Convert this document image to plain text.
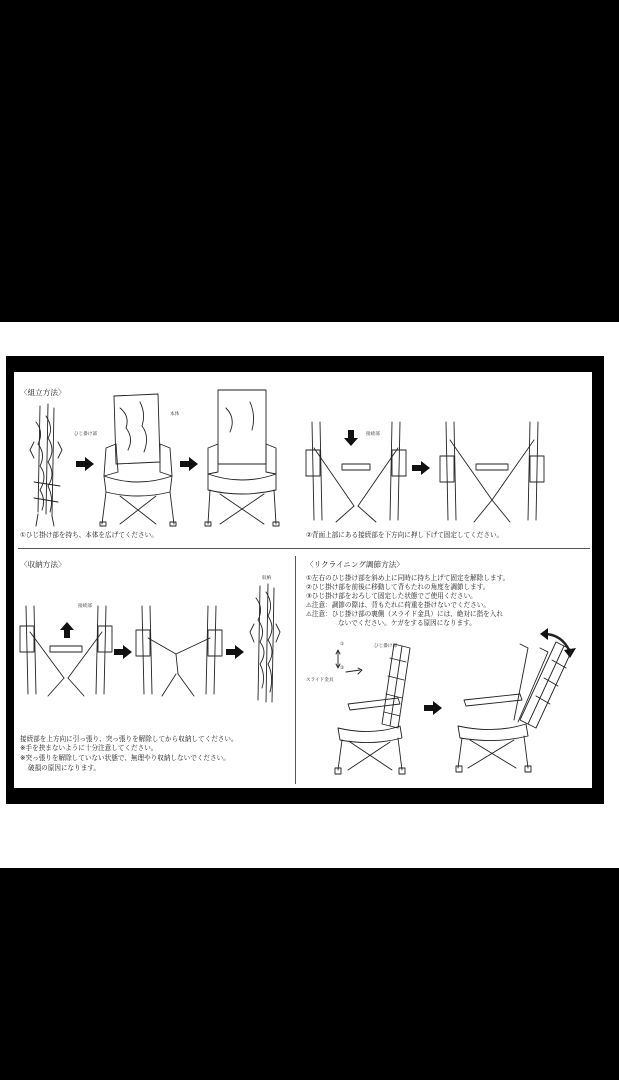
〈組立方法〉
ひじ掛け部
本体
①ひじ掛け部を持ち、本体を広げてください。
接続部
②背面上部にある接続部を下方向に押し下げて固定してください。
〈収納方法〉
接続部
収納
接続部を上方向に引っ張り、突っ張りを解除してから収納してください。
※手を挟まないように十分注意してください。
※突っ張りを解除していない状態で、無理やり収納しないでください。
破損の原因になります。
〈リクライニング調節方法〉
①左右のひじ掛け部を斜め上に同時に持ち上げて固定を解除します。
②ひじ掛け部を前後に移動して背もたれの角度を調節します。
③ひじ掛け部をおろして固定した状態でご使用ください。
⚠注意：調節の際は、背もたれに荷重を掛けないでください。
⚠注意：ひじ掛け部の裏側（スライド金具）には、絶対に指を入れ
ないでください。ケガをする原因になります。
①
②
ひじ掛け部
スライド金具
